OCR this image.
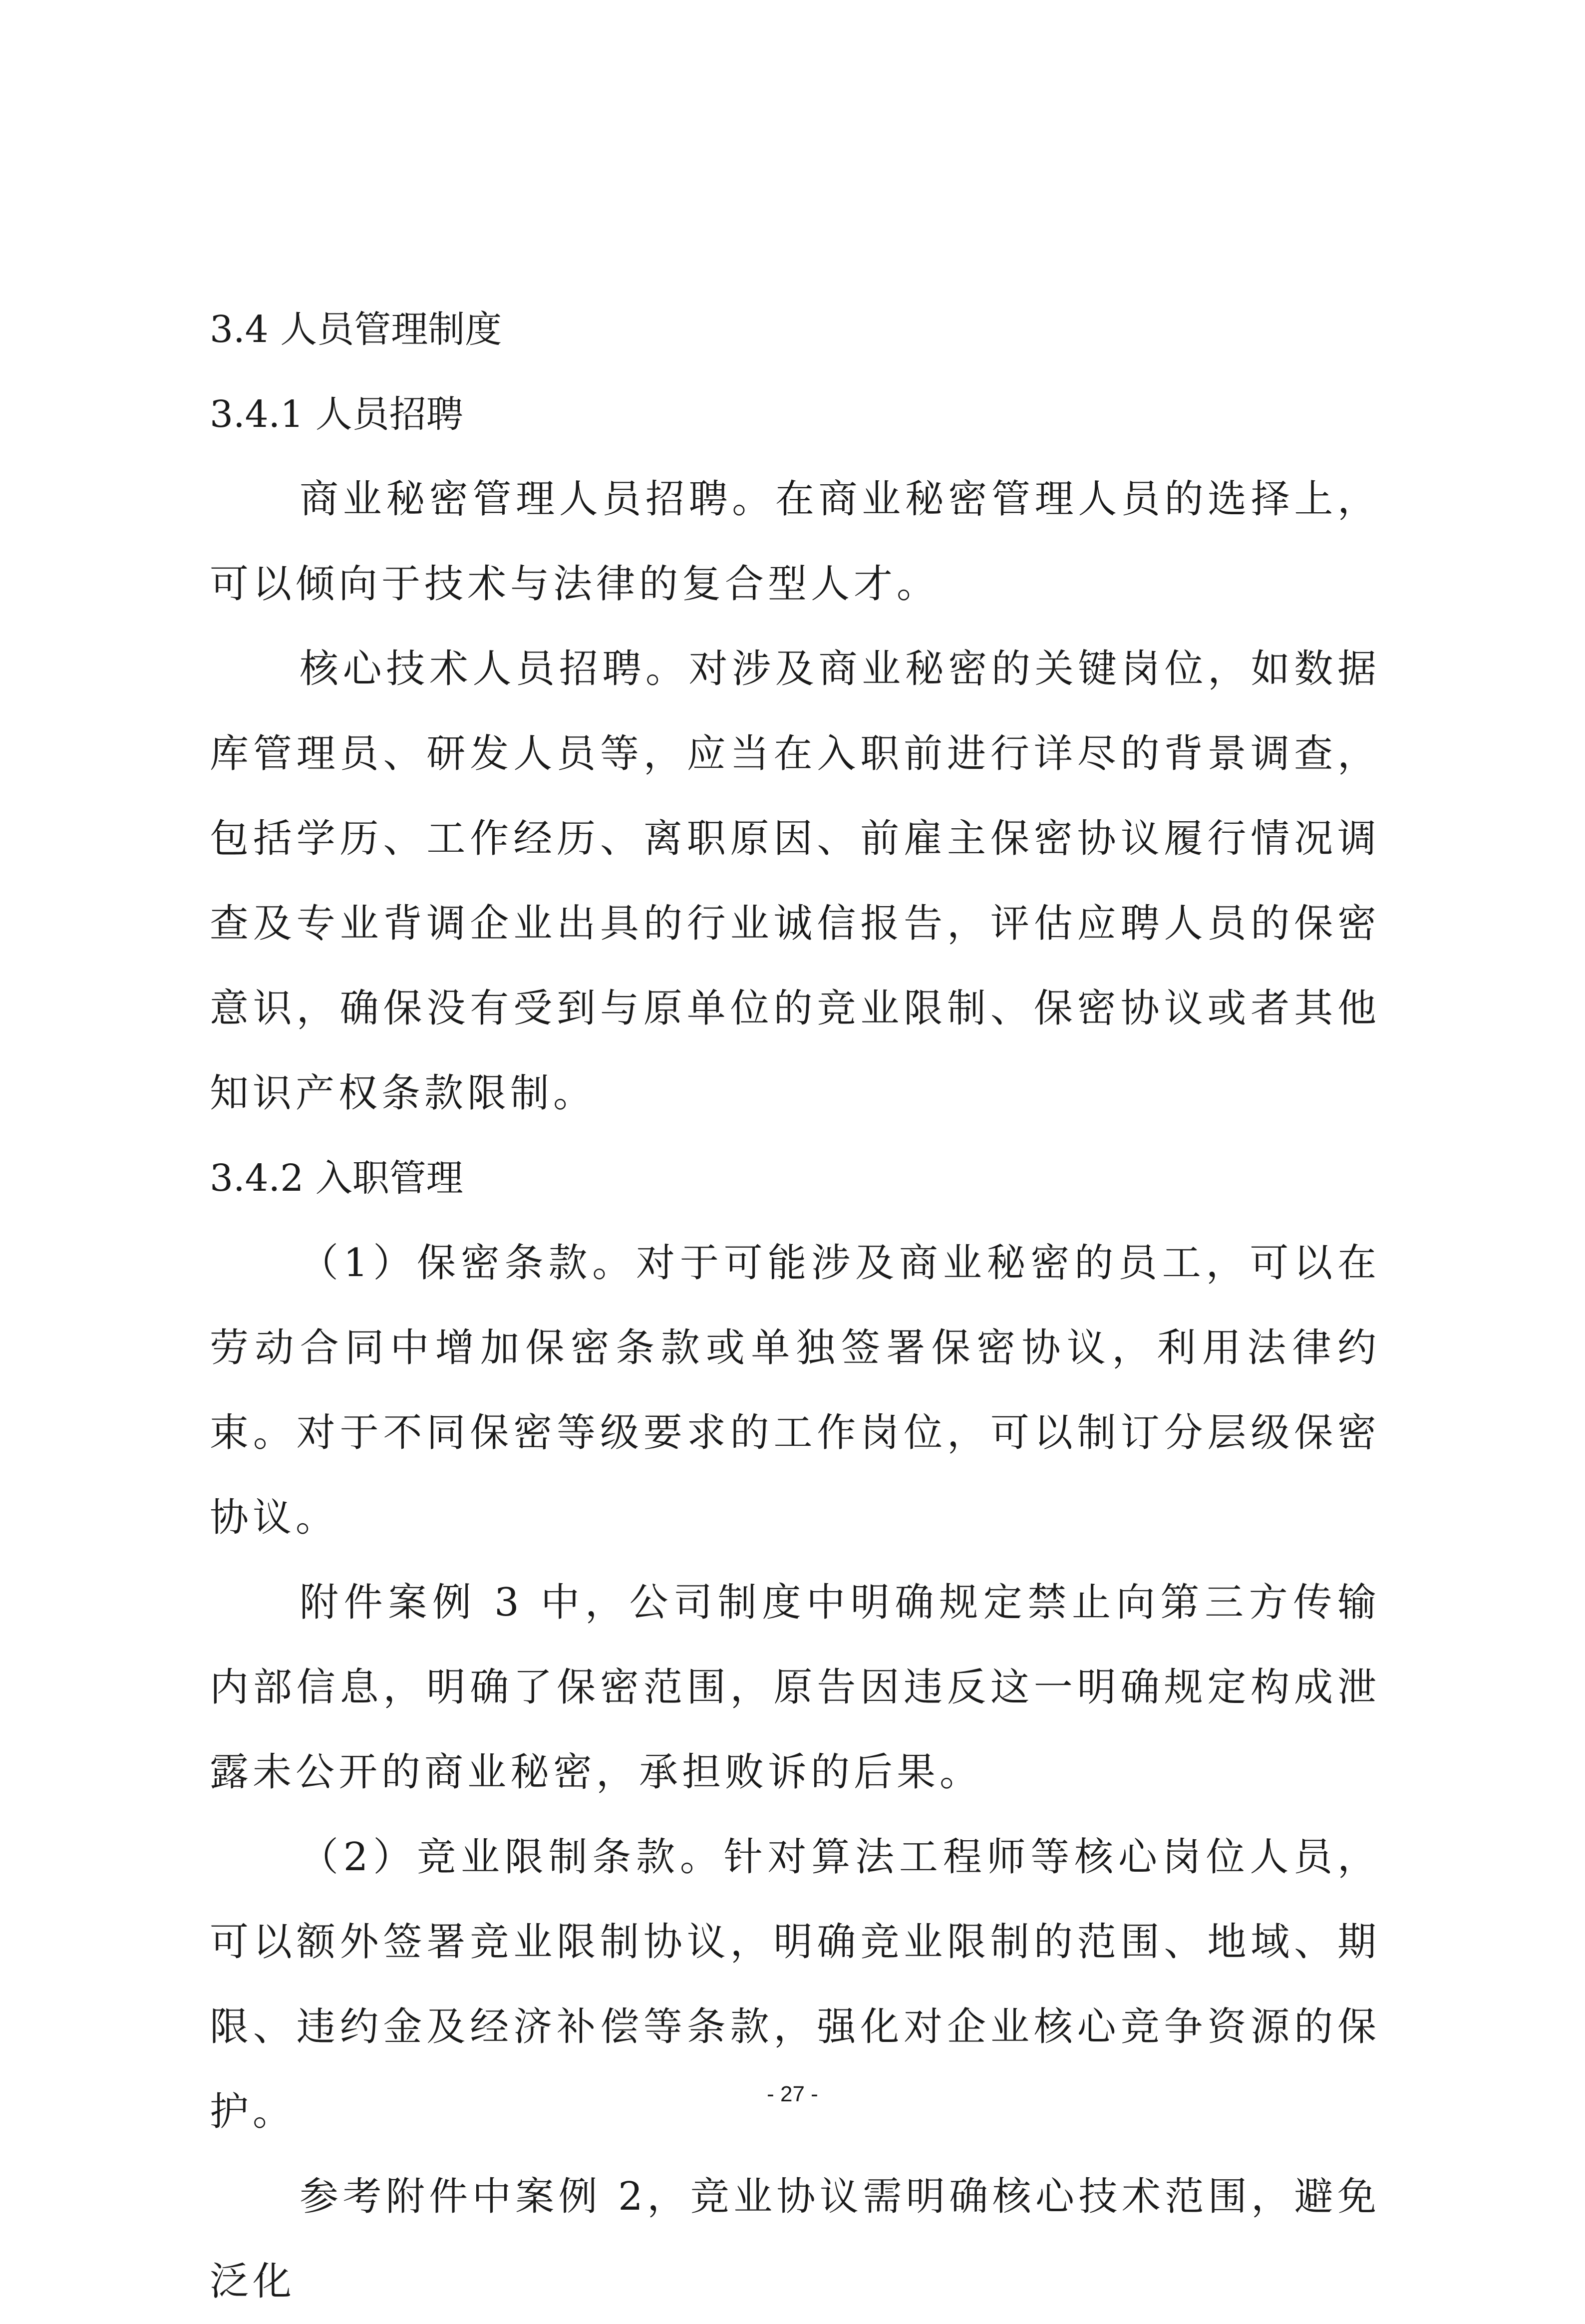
3.4 人员管理制度

3.4.1 人员招聘

商业秘密管理人员招聘。在商业秘密管理人员的选择上，可以倾向于技术与法律的复合型人才。

核心技术人员招聘。对涉及商业秘密的关键岗位，如数据库管理员、研发人员等，应当在入职前进行详尽的背景调查，包括学历、工作经历、离职原因、前雇主保密协议履行情况调查及专业背调企业出具的行业诚信报告，评估应聘人员的保密意识，确保没有受到与原单位的竞业限制、保密协议或者其他知识产权条款限制。

3.4.2 入职管理

（1）保密条款。对于可能涉及商业秘密的员工，可以在劳动合同中增加保密条款或单独签署保密协议，利用法律约束。对于不同保密等级要求的工作岗位，可以制订分层级保密协议。

附件案例 3 中，公司制度中明确规定禁止向第三方传输内部信息，明确了保密范围，原告因违反这一明确规定构成泄露未公开的商业秘密，承担败诉的后果。

（2）竞业限制条款。针对算法工程师等核心岗位人员，可以额外签署竞业限制协议，明确竞业限制的范围、地域、期限、违约金及经济补偿等条款，强化对企业核心竞争资源的保护。

参考附件中案例 2，竞业协议需明确核心技术范围，避免泛化

- 27 -
